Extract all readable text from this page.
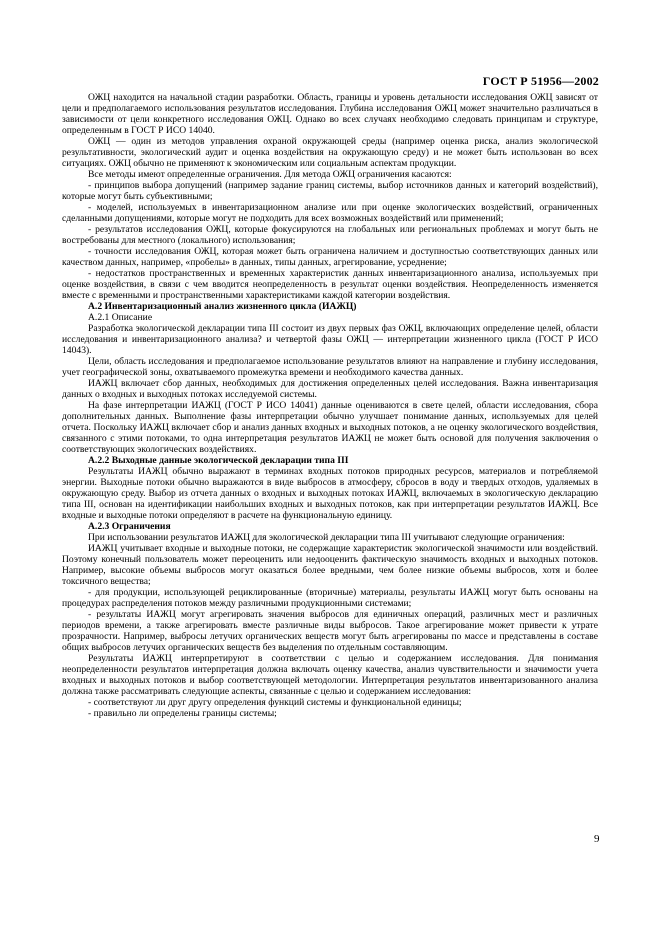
ГОСТ Р 51956—2002

ОЖЦ находится на начальной стадии разработки. Область, границы и уровень детальности исследования ОЖЦ зависят от цели и предполагаемого использования результатов исследования. Глубина исследования ОЖЦ может значительно различаться в зависимости от цели конкретного исследования ОЖЦ. Однако во всех случаях необходимо следовать принципам и структуре, определенным в ГОСТ Р ИСО 14040.

ОЖЦ — один из методов управления охраной окружающей среды (например оценка риска, анализ экологической результативности, экологический аудит и оценка воздействия на окружающую среду) и не может быть использован во всех ситуациях. ОЖЦ обычно не применяют к экономическим или социальным аспектам продукции.

Все методы имеют определенные ограничения. Для метода ОЖЦ ограничения касаются:

- принципов выбора допущений (например задание границ системы, выбор источников данных и категорий воздействий), которые могут быть субъективными;

- моделей, используемых в инвентаризационном анализе или при оценке экологических воздействий, ограниченных сделанными допущениями, которые могут не подходить для всех возможных воздействий или применений;

- результатов исследования ОЖЦ, которые фокусируются на глобальных или региональных проблемах и могут быть не востребованы для местного (локального) использования;

- точности исследования ОЖЦ, которая может быть ограничена наличием и доступностью соответствующих данных или качеством данных, например, «пробелы» в данных, типы данных, агрегирование, усреднение;

- недостатков пространственных и временных характеристик данных инвентаризационного анализа, используемых при оценке воздействия, в связи с чем вводится неопределенность в результат оценки воздействия. Неопределенность изменяется вместе с временными и пространственными характеристиками каждой категории воздействия.

А.2 Инвентаризационный анализ жизненного цикла (ИАЖЦ)

А.2.1 Описание

Разработка экологической декларации типа III состоит из двух первых фаз ОЖЦ, включающих определение целей, области исследования и инвентаризационного анализа? и четвертой фазы ОЖЦ — интерпретации жизненного цикла (ГОСТ Р ИСО 14043).

Цели, область исследования и предполагаемое использование результатов влияют на направление и глубину исследования, учет географической зоны, охватываемого промежутка времени и необходимого качества данных.

ИАЖЦ включает сбор данных, необходимых для достижения определенных целей исследования. Важна инвентаризация данных о входных и выходных потоках исследуемой системы.

На фазе интерпретации ИАЖЦ (ГОСТ Р ИСО 14041) данные оцениваются в свете целей, области исследования, сбора дополнительных данных. Выполнение фазы интерпретации обычно улучшает понимание данных, используемых для целей отчета. Поскольку ИАЖЦ включает сбор и анализ данных входных и выходных потоков, а не оценку экологического воздействия, связанного с этими потоками, то одна интерпретация результатов ИАЖЦ не может быть основой для получения заключения о соответствующих экологических воздействиях.

А.2.2 Выходные данные экологической декларации типа III

Результаты ИАЖЦ обычно выражают в терминах входных потоков природных ресурсов, материалов и потребляемой энергии. Выходные потоки обычно выражаются в виде выбросов в атмосферу, сбросов в воду и твердых отходов, удаляемых в окружающую среду. Выбор из отчета данных о входных и выходных потоках ИАЖЦ, включаемых в экологическую декларацию типа III, основан на идентификации наибольших входных и выходных потоков, как при интерпретации результатов ИАЖЦ. Все входные и выходные потоки определяют в расчете на функциональную единицу.

А.2.3 Ограничения

При использовании результатов ИАЖЦ для экологической декларации типа III учитывают следующие ограничения:

ИАЖЦ учитывает входные и выходные потоки, не содержащие характеристик экологической значимости или воздействий. Поэтому конечный пользователь может переоценить или недооценить фактическую значимость входных и выходных потоков. Например, высокие объемы выбросов могут оказаться более вредными, чем более низкие объемы выбросов, хотя и более токсичного вещества;

- для продукции, использующей рециклированные (вторичные) материалы, результаты ИАЖЦ могут быть основаны на процедурах распределения потоков между различными продукционными системами;

- результаты ИАЖЦ могут агрегировать значения выбросов для единичных операций, различных мест и различных периодов времени, а также агрегировать вместе различные виды выбросов. Такое агрегирование может привести к утрате прозрачности. Например, выбросы летучих органических веществ могут быть агрегированы по массе и представлены в составе общих выбросов летучих органических веществ без выделения по отдельным составляющим.

Результаты ИАЖЦ интерпретируют в соответствии с целью и содержанием исследования. Для понимания неопределенности результатов интерпретация должна включать оценку качества, анализ чувствительности и значимости учета входных и выходных потоков и выбор соответствующей методологии. Интерпретация результатов инвентаризованного анализа должна также рассматривать следующие аспекты, связанные с целью и содержанием исследования:

- соответствуют ли друг другу определения функций системы и функциональной единицы;

- правильно ли определены границы системы;

9
